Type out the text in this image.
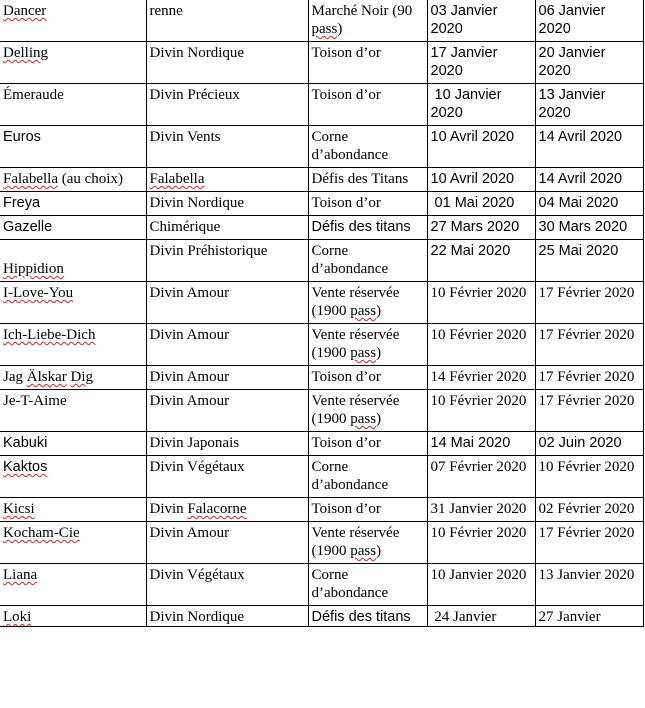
Dancer	renne	Marché Noir (90 pass)	03 Janvier 2020	06 Janvier 2020
Delling	Divin Nordique	Toison d’or	17 Janvier 2020	20 Janvier 2020
Émeraude	Divin Précieux	Toison d’or	10 Janvier 2020	13 Janvier 2020
Euros	Divin Vents	Corne d’abondance	10 Avril 2020	14 Avril 2020
Falabella (au choix)	Falabella	Défis des Titans	10 Avril 2020	14 Avril 2020
Freya	Divin Nordique	Toison d’or	01 Mai 2020	04 Mai 2020
Gazelle	Chimérique	Défis des titans	27 Mars 2020	30 Mars 2020
Hippidion	Divin Préhistorique	Corne d’abondance	22 Mai 2020	25 Mai 2020
I-Love-You	Divin Amour	Vente réservée (1900 pass)	10 Février 2020	17 Février 2020
Ich-Liebe-Dich	Divin Amour	Vente réservée (1900 pass)	10 Février 2020	17 Février 2020
Jag Älskar Dig	Divin Amour	Toison d’or	14 Février 2020	17 Février 2020
Je-T-Aime	Divin Amour	Vente réservée (1900 pass)	10 Février 2020	17 Février 2020
Kabuki	Divin Japonais	Toison d’or	14 Mai 2020	02 Juin 2020
Kaktos	Divin Végétaux	Corne d’abondance	07 Février 2020	10 Février 2020
Kicsi	Divin Falacorne	Toison d’or	31 Janvier 2020	02 Février 2020
Kocham-Cie	Divin Amour	Vente réservée (1900 pass)	10 Février 2020	17 Février 2020
Liana	Divin Végétaux	Corne d’abondance	10 Janvier 2020	13 Janvier 2020
Loki	Divin Nordique	Défis des titans	24 Janvier	27 Janvier
